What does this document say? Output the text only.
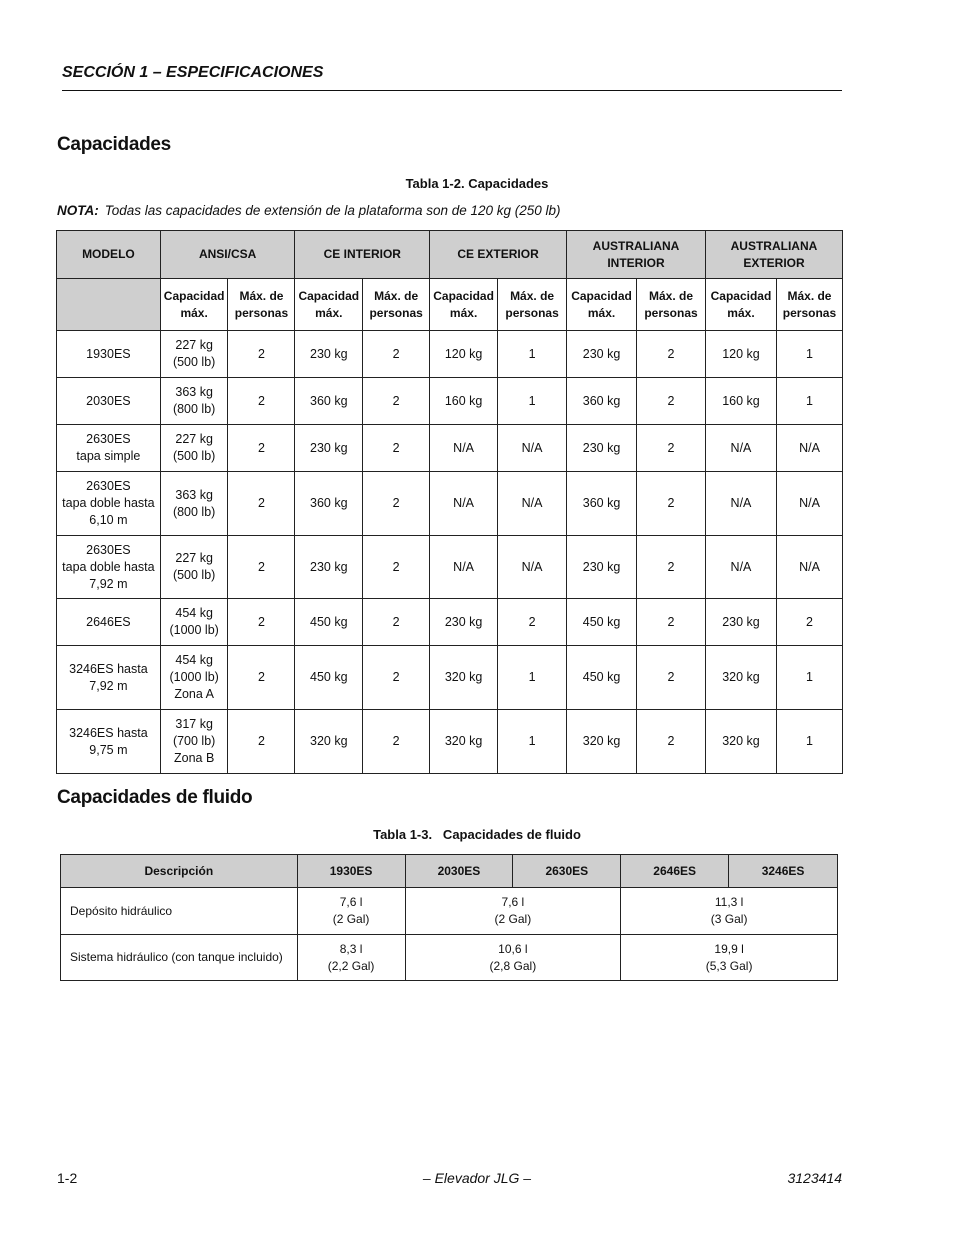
SECCIÓN 1 – ESPECIFICACIONES
Capacidades
Tabla 1-2. Capacidades
NOTA: Todas las capacidades de extensión de la plataforma son de 120 kg (250 lb)
MODELO	ANSI/CSA		CE INTERIOR		CE EXTERIOR		AUSTRALIANA INTERIOR		AUSTRALIANA EXTERIOR	
	Capacidad máx.	Máx. de personas	Capacidad máx.	Máx. de personas	Capacidad máx.	Máx. de personas	Capacidad máx.	Máx. de personas	Capacidad máx.	Máx. de personas
1930ES	227 kg
(500 lb)	2	230 kg	2	120 kg	1	230 kg	2	120 kg	1
2030ES	363 kg
(800 lb)	2	360 kg	2	160 kg	1	360 kg	2	160 kg	1
2630ES
tapa simple	227 kg
(500 lb)	2	230 kg	2	N/A	N/A	230 kg	2	N/A	N/A
2630ES
tapa doble hasta
6,10 m	363 kg
(800 lb)	2	360 kg	2	N/A	N/A	360 kg	2	N/A	N/A
2630ES
tapa doble hasta
7,92 m	227 kg
(500 lb)	2	230 kg	2	N/A	N/A	230 kg	2	N/A	N/A
2646ES	454 kg
(1000 lb)	2	450 kg	2	230 kg	2	450 kg	2	230 kg	2
3246ES hasta
7,92 m	454 kg
(1000 lb)
Zona A	2	450 kg	2	320 kg	1	450 kg	2	320 kg	1
3246ES hasta
9,75 m	317 kg
(700 lb)
Zona B	2	320 kg	2	320 kg	1	320 kg	2	320 kg	1
Capacidades de fluido
Tabla 1-3.   Capacidades de fluido
Descripción	1930ES	2030ES	2630ES	2646ES	3246ES
Depósito hidráulico	7,6 l
(2 Gal)	7,6 l
(2 Gal)		11,3 l
(3 Gal)	
Sistema hidráulico (con tanque incluido)	8,3 l
(2,2 Gal)	10,6 l
(2,8 Gal)		19,9 l
(5,3 Gal)	
1-2	– Elevador JLG –	3123414
